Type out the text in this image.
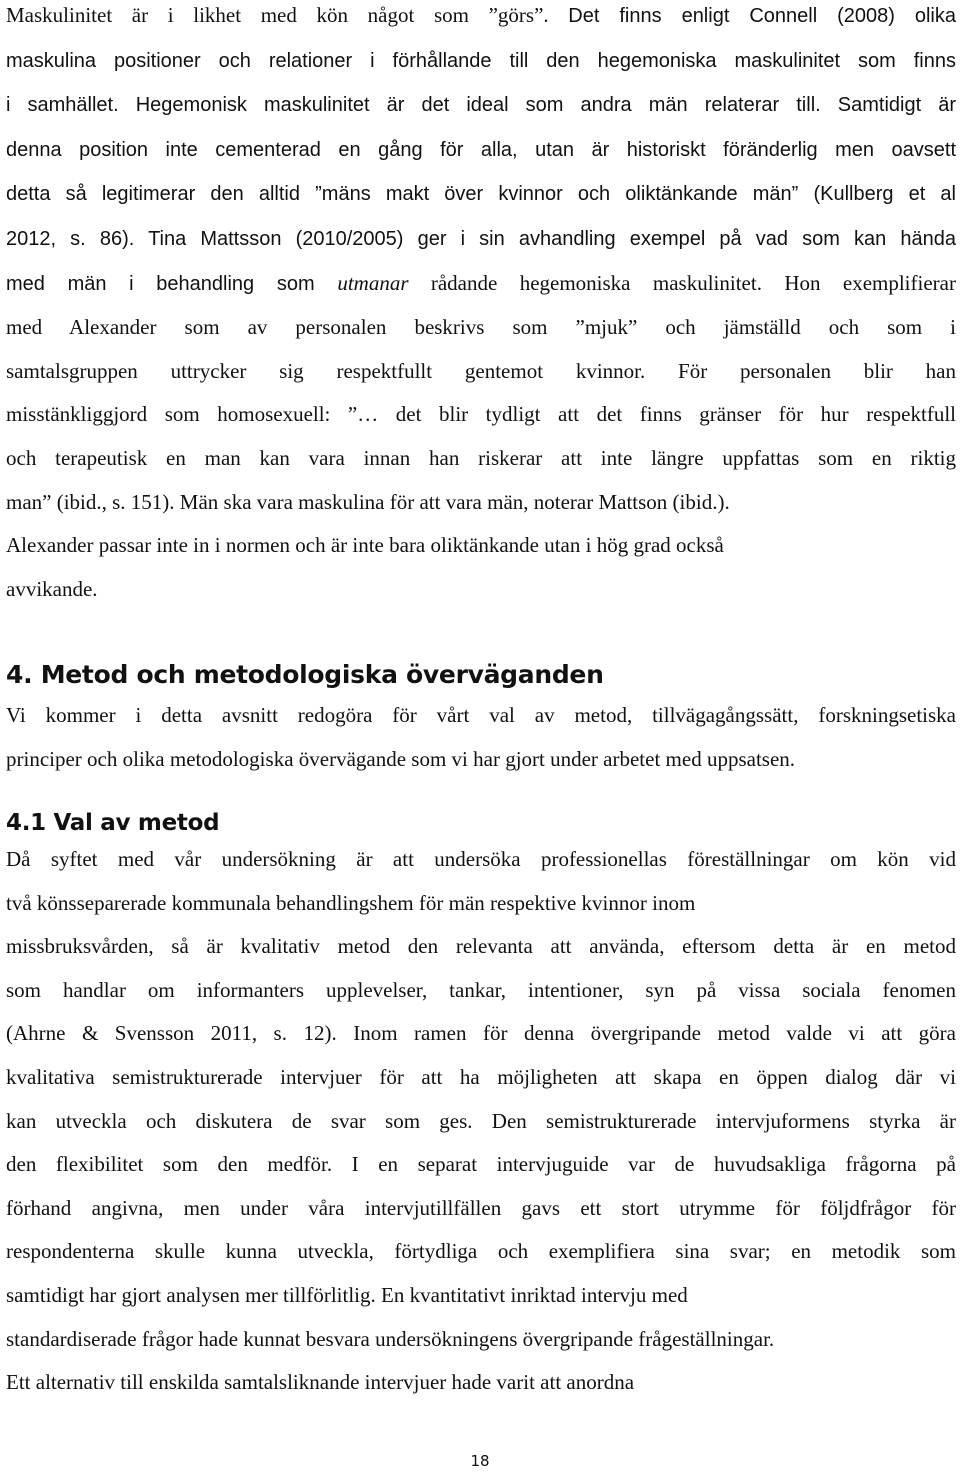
Maskulinitet är i likhet med kön något som ”görs”. Det finns enligt Connell (2008) olika
maskulina positioner och relationer i förhållande till den hegemoniska maskulinitet som finns
i samhället. Hegemonisk maskulinitet är det ideal som andra män relaterar till. Samtidigt är
denna position inte cementerad en gång för alla, utan är historiskt föränderlig men oavsett
detta så legitimerar den alltid ”mäns makt över kvinnor och oliktänkande män” (Kullberg et al
2012, s. 86). Tina Mattsson (2010/2005) ger i sin avhandling exempel på vad som kan hända
med män i behandling som utmanar rådande hegemoniska maskulinitet. Hon exemplifierar
med Alexander som av personalen beskrivs som ”mjuk” och jämställd och som i
samtalsgruppen uttrycker sig respektfullt gentemot kvinnor. För personalen blir han
misstänkliggjord som homosexuell: ”… det blir tydligt att det finns gränser för hur respektfull
och terapeutisk en man kan vara innan han riskerar att inte längre uppfattas som en riktig
man” (ibid., s. 151). Män ska vara maskulina för att vara män, noterar Mattson (ibid.).
Alexander passar inte in i normen och är inte bara oliktänkande utan i hög grad också
avvikande.
4. Metod och metodologiska överväganden
Vi kommer i detta avsnitt redogöra för vårt val av metod, tillvägagångssätt, forskningsetiska
principer och olika metodologiska övervägande som vi har gjort under arbetet med uppsatsen.
4.1 Val av metod
Då syftet med vår undersökning är att undersöka professionellas föreställningar om kön vid
två könsseparerade kommunala behandlingshem för män respektive kvinnor inom
missbruksvården, så är kvalitativ metod den relevanta att använda, eftersom detta är en metod
som handlar om informanters upplevelser, tankar, intentioner, syn på vissa sociala fenomen
(Ahrne & Svensson 2011, s. 12). Inom ramen för denna övergripande metod valde vi att göra
kvalitativa semistrukturerade intervjuer för att ha möjligheten att skapa en öppen dialog där vi
kan utveckla och diskutera de svar som ges. Den semistrukturerade intervjuformens styrka är
den flexibilitet som den medför. I en separat intervjuguide var de huvudsakliga frågorna på
förhand angivna, men under våra intervjutillfällen gavs ett stort utrymme för följdfrågor för
respondenterna skulle kunna utveckla, förtydliga och exemplifiera sina svar; en metodik som
samtidigt har gjort analysen mer tillförlitlig. En kvantitativt inriktad intervju med
standardiserade frågor hade kunnat besvara undersökningens övergripande frågeställningar.
Ett alternativ till enskilda samtalsliknande intervjuer hade varit att anordna
18
